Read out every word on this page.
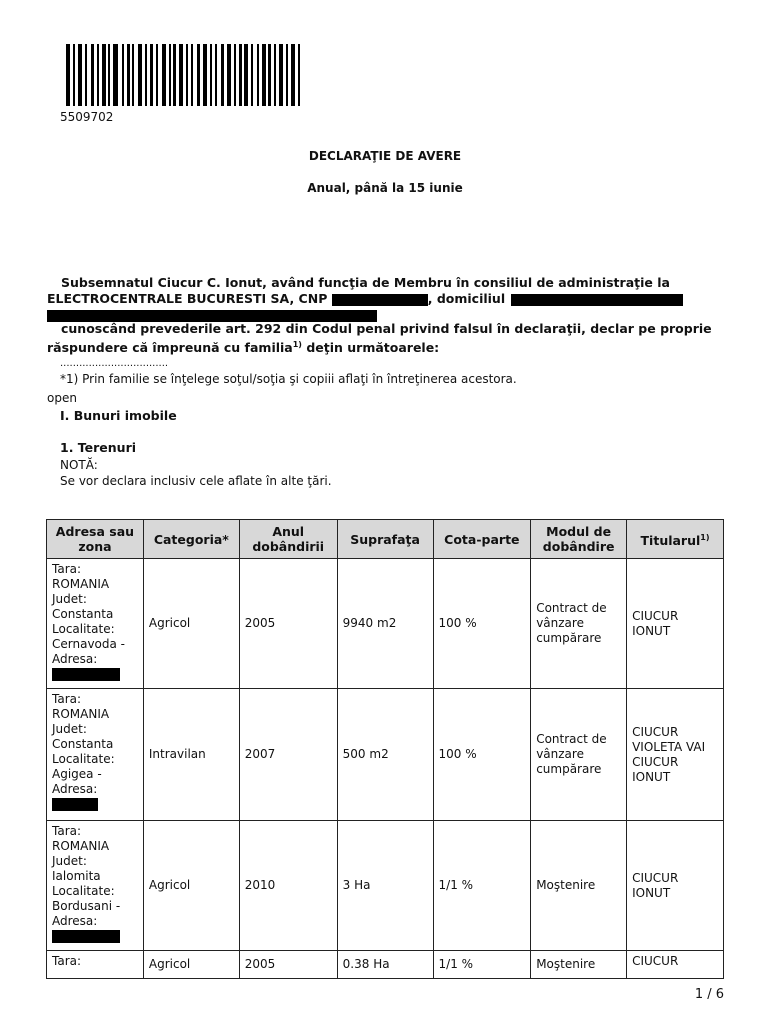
5509702
DECLARAŢIE DE AVERE
Anual, până la 15 iunie
Subsemnatul Ciucur C. Ionut, având funcţia de Membru în consiliul de administraţie la
ELECTROCENTRALE BUCURESTI SA, CNP	, domiciliul
cunoscând prevederile art. 292 din Codul penal privind falsul în declaraţii, declar pe proprie
răspundere că împreună cu familia$^{1)}$ deţin următoarele:
..................................
*1) Prin familie se înţelege soţul/soţia şi copiii aflaţi în întreţinerea acestora.
open
I. Bunuri imobile
1. Terenuri
NOTĂ:
Se vor declara inclusiv cele aflate în alte ţări.
Adresa sau zona	Categoria*	Anul dobândirii	Suprafaţa	Cota-parte	Modul de dobândire	Titularul$^{1)}$
Tara: ROMANIA Judet: Constanta Localitate: Cernavoda - Adresa:	Agricol	2005	9940 m2	100 %	Contract de vânzare cumpărare	CIUCUR IONUT
Tara: ROMANIA Judet: Constanta Localitate: Agigea - Adresa:	Intravilan	2007	500 m2	100 %	Contract de vânzare cumpărare	CIUCUR VIOLETA VAI CIUCUR IONUT
Tara: ROMANIA Judet: Ialomita Localitate: Bordusani - Adresa:	Agricol	2010	3 Ha	1/1 %	Moştenire	CIUCUR IONUT
Tara:	Agricol	2005	0.38 Ha	1/1 %	Moştenire	CIUCUR
1 / 6
